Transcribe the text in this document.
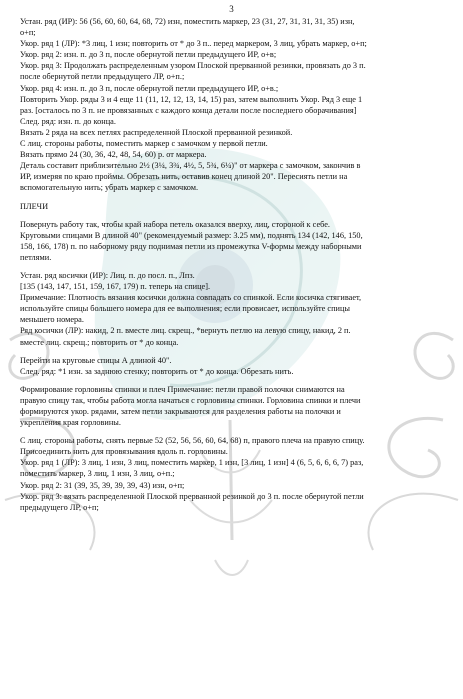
3

Устан. ряд (ИР): 56 (56, 60, 60, 64, 68, 72) изн, поместить маркер, 23 (31, 27, 31, 31, 31, 35) изн,

о+п;

Укор. ряд 1 (ЛР): *3 лиц, 1 изн; повторить от * до 3 п.. перед маркером, 3 лиц, убрать маркер, о+п;

Укор. ряд 2: изн. п. до 3 п, после обернутой петли предыдущего ИР, о+в;

Укор. ряд 3: Продолжать распределенным узором Плоской прерванной резинки, провязать до 3 п.

после обернутой петли предыдущего ЛР, о+п.;

Укор. ряд 4: изн. п. до 3 п, после обернутой петли предыдущего ИР, о+в.;

Повторить Укор. ряды 3 и 4 еще 11 (11, 12, 12, 13, 14, 15) раз, затем выполнить Укор. Ряд 3 еще 1

раз. [осталось по 3 п. не провязанных с каждого конца детали после последнего оборачивания]

След. ряд: изн. п. до конца.

Вязать 2 ряда на всех петлях распределенной Плоской прерванной резинкой.

С лиц. стороны работы, поместить маркер с замочком у первой петли.

Вязать прямо 24 (30, 36, 42, 48, 54, 60) р. от маркера.

Деталь составит приблизительно 2½ (3¼, 3¾, 4½, 5, 5¾, 6¼)" от маркера с замочком, закончив в

ИР, измеряя по краю проймы. Обрезать нить, оставив конец длиной 20". Пересиять петли на

вспомогательную нить; убрать маркер с замочком.

ПЛЕЧИ

Повернуть работу так, чтобы край набора петель оказался вверху, лиц, стороной к себе.

Круговыми спицами В длиной 40" (рекомендуемый размер: 3.25 мм), поднять 134 (142, 146, 150,

158, 166, 178) п. по наборному ряду поднимая петли из промежутка V-формы между наборными

петлями.

Устан. ряд косички (ИР): Лиц. п. до посл. п., Лпз.

[135 (143, 147, 151, 159, 167, 179) п. теперь на спице].

Примечание: Плотность вязания косички должна совпадать со спинкой. Если косичка стягивает,

используйте спицы большего номера для ее выполнения; если провисает, используйте спицы

меньшего номера.

Ряд косички (ЛР): накид, 2 п. вместе лиц. скрещ., *вернуть петлю на левую спицу, накид, 2 п.

вместе лиц. скрещ.; повторить от * до конца.

Перейти на круговые спицы А длиной 40".

След. ряд: *1 изн. за заднюю стенку; повторить от * до конца. Обрезать нить.

Формирование горловины спинки и плеч Примечание: петли правой полочки снимаются на

правую спицу так, чтобы работа могла начаться с горловины спинки. Горловина спинки и плечи

формируются укор. рядами, затем петли закрываются для разделения работы на полочки и

укрепления края горловины.

С лиц. стороны работы, снять первые 52 (52, 56, 56, 60, 64, 68) п, правого плеча на правую спицу.

Присоединить нить для провязывания вдоль п. горловины.

Укор. ряд 1 (ЛР): 3 лиц, 1 изн, 3 лиц, поместить маркер, 1 изн, [3 лиц, 1 изн] 4 (6, 5, 6, 6, 6, 7) раз,

поместить маркер, 3 лиц, 1 изн, 3 лиц, о+п.;

Укор. ряд 2: 31 (39, 35, 39, 39, 39, 43) изн, о+п;

Укор. ряд 3: вязать распределенной Плоской прерванной резинкой до 3 п. после обернутой петли

предыдущего ЛР, о+п;
